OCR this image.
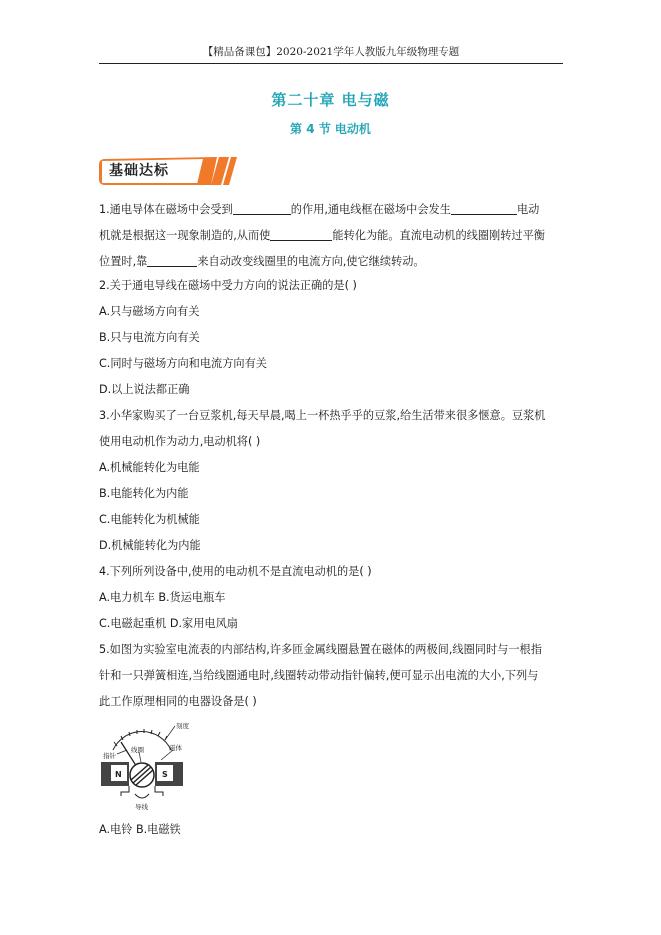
【精品备课包】2020-2021学年人教版九年级物理专题
第二十章 电与磁
第 4 节 电动机
基础达标
1.通电导体在磁场中会受到	的作用,通电线框在磁场中会发生	电动
机就是根据这一现象制造的,从而使	能转化为能。直流电动机的线圈刚转过平衡
位置时,靠	来自动改变线圈里的电流方向,使它继续转动。
2.关于通电导线在磁场中受力方向的说法正确的是( )
A.只与磁场方向有关
B.只与电流方向有关
C.同时与磁场方向和电流方向有关
D.以上说法都正确
3.小华家购买了一台豆浆机,每天早晨,喝上一杯热乎乎的豆浆,给生活带来很多惬意。豆浆机
使用电动机作为动力,电动机将( )
A.机械能转化为电能
B.电能转化为内能
C.电能转化为机械能
D.机械能转化为内能
4.下列所列设备中,使用的电动机不是直流电动机的是( )
A.电力机车 B.货运电瓶车
C.电磁起重机 D.家用电风扇
5.如图为实验室电流表的内部结构,许多匝金属线圈悬置在磁体的两极间,线圈同时与一根指
针和一只弹簧相连,当给线圈通电时,线圈转动带动指针偏转,便可显示出电流的大小,下列与
此工作原理相同的电器设备是( )
刻度
磁体
指针
线圈
N	S
导线
A.电铃 B.电磁铁
